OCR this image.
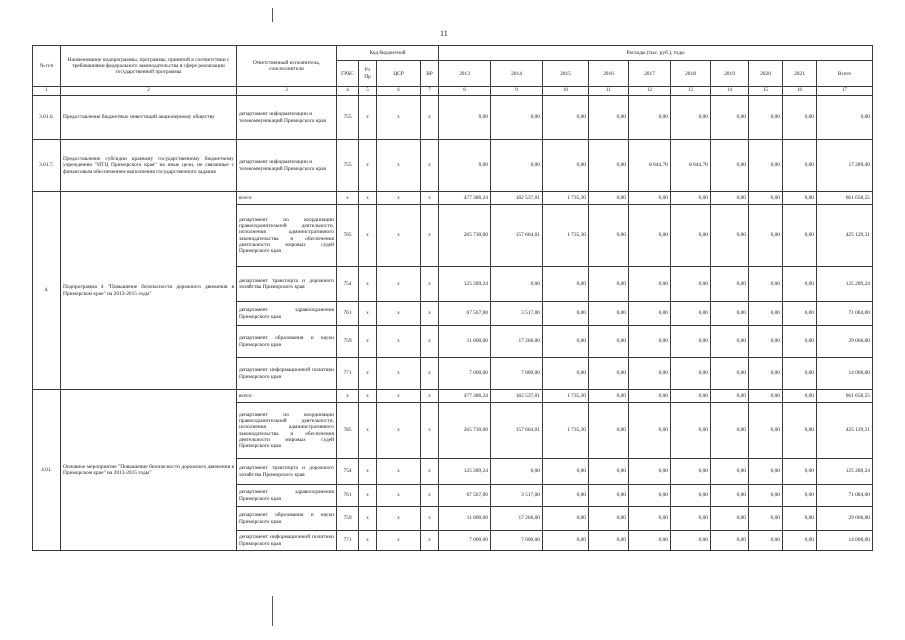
11
№ п/п	Наименование подпрограммы, программы, принятой в соответствии с требованиями федерального законодательства в сфере реализации государственной программы	Ответственный исполнитель, соисполнители	Код бюджетной				Расходы (тыс. руб.), годы									
			ГРБС	Рз Пр	ЦСР	ВР	2013	2014	2015	2016	2017	2018	2019	2020	2021	Всего
1	2	3	4	5	6	7	8	9	10	11	12	13	14	15	16	17
3.01.6.	Предоставление бюджетных инвестиций акционерному обществу	департамент информатизации и телекоммуникаций Приморского края	755	x	x	x	0,00	0,00	0,00	0,00	0,00	0,00	0,00	0,00	0,00	0,00
3.01.7.	Предоставление субсидии краевому государственному бюджетному учреждению "ИТЦ Приморского края" на иные цели, не связанные с финансовым обеспечением выполнения государственного задания	департамент информатизации и телекоммуникаций Приморского края	755	x	x	x	0,00	0,00	0,00	0,00	8 644,70	8 644,70	0,00	0,00	0,00	17 289,40
4.	Подпрограмма 4 "Повышение безопасности дорожного движения в Приморском крае" на 2013-2015 годы"	всего:	x	x	x	x	477 386,24	182 537,01	1 735,30	0,00	0,00	0,00	0,00	0,00	0,00	661 658,55
		департамент по координации правоохранительной деятельности, исполнения административного законодательства и обеспечения деятельности мировых судей Приморского края	785	x	x	x	265 730,00	157 664,01	1 735,30	0,00	0,00	0,00	0,00	0,00	0,00	425 129,31
		департамент транспорта и дорожного хозяйства Приморского края	754	x	x	x	125 289,24	0,00	0,00	0,00	0,00	0,00	0,00	0,00	0,00	125 289,24
		департамент здравоохранения Приморского края	761	x	x	x	67 567,00	3 517,00	0,00	0,00	0,00	0,00	0,00	0,00	0,00	71 084,00
		департамент образования и науки Приморского края	759	x	x	x	11 800,00	17 266,00	0,00	0,00	0,00	0,00	0,00	0,00	0,00	29 066,00
		департамент информационной политики Приморского края	771	x	x	x	7 000,00	7 000,00	0,00	0,00	0,00	0,00	0,00	0,00	0,00	14 000,00
4.01.	Основное мероприятие "Повышение безопасности дорожного движения в Приморском крае" на 2013-2015 годы"	всего:	x	x	x	x	477 386,24	182 537,01	1 735,30	0,00	0,00	0,00	0,00	0,00	0,00	661 658,55
		департамент по координации правоохранительной деятельности, исполнения административного законодательства и обеспечения деятельности мировых судей Приморского края	785	x	x	x	265 730,00	157 664,01	1 735,30	0,00	0,00	0,00	0,00	0,00	0,00	425 129,31
		департамент транспорта и дорожного хозяйства Приморского края	754	x	x	x	125 289,24	0,00	0,00	0,00	0,00	0,00	0,00	0,00	0,00	125 289,24
		департамент здравоохранения Приморского края	761	x	x	x	67 567,00	3 517,00	0,00	0,00	0,00	0,00	0,00	0,00	0,00	71 084,00
		департамент образования и науки Приморского края	759	x	x	x	11 800,00	17 266,00	0,00	0,00	0,00	0,00	0,00	0,00	0,00	29 066,00
		департамент информационной политики Приморского края	771	x	x	x	7 000,00	7 000,00	0,00	0,00	0,00	0,00	0,00	0,00	0,00	14 000,00
